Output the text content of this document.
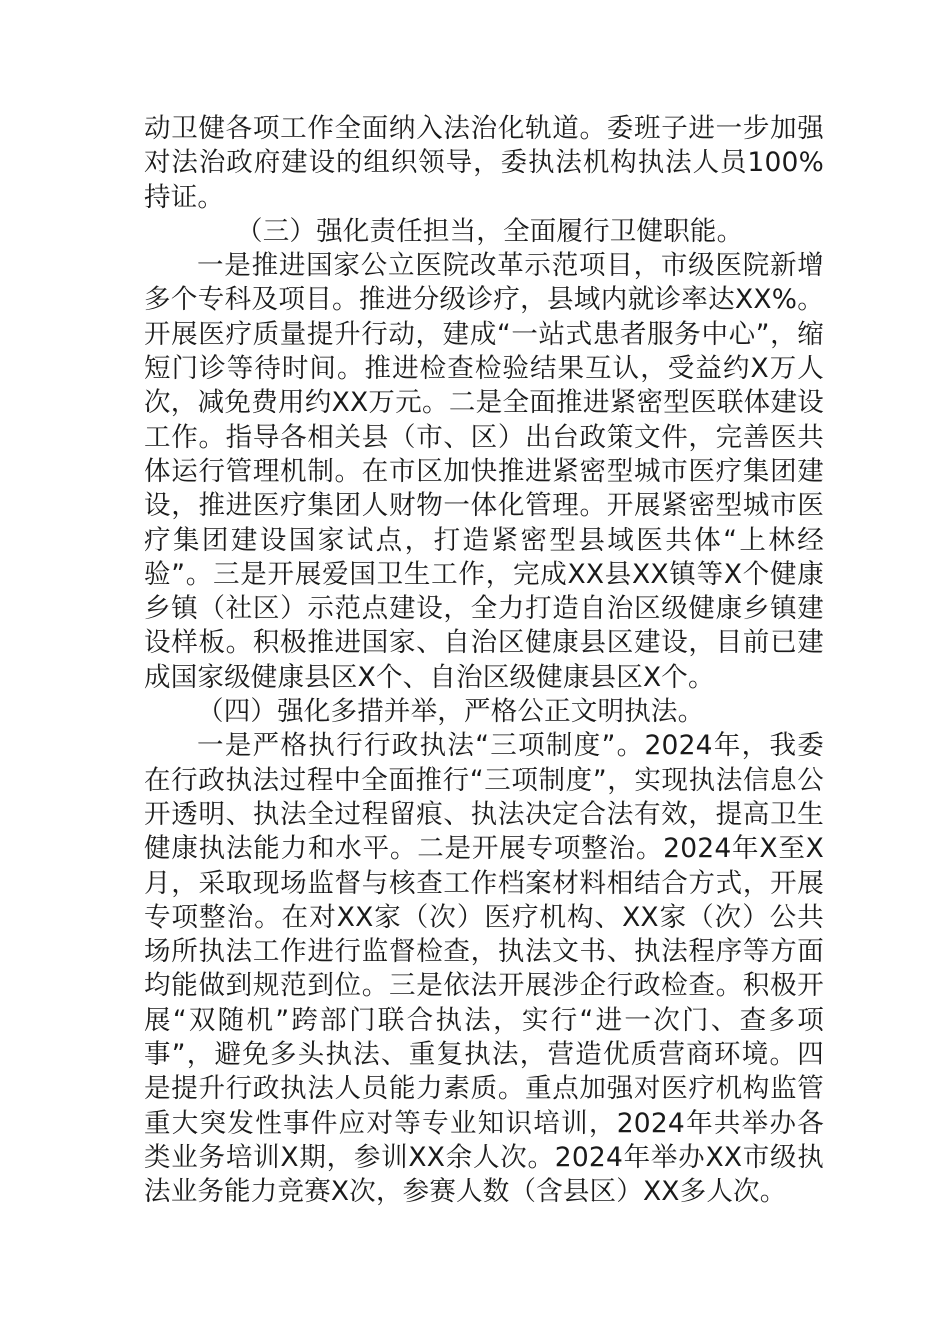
动卫健各项工作全面纳入法治化轨道。委班子进一步加强对法治政府建设的组织领导，委执法机构执法人员100%持证。

（三）强化责任担当，全面履行卫健职能。

一是推进国家公立医院改革示范项目，市级医院新增多个专科及项目。推进分级诊疗，县域内就诊率达XX%。开展医疗质量提升行动，建成“一站式患者服务中心”，缩短门诊等待时间。推进检查检验结果互认，受益约X万人次，减免费用约XX万元。二是全面推进紧密型医联体建设工作。指导各相关县（市、区）出台政策文件，完善医共体运行管理机制。在市区加快推进紧密型城市医疗集团建设，推进医疗集团人财物一体化管理。开展紧密型城市医疗集团建设国家试点，打造紧密型县域医共体“上林经验”。三是开展爱国卫生工作，完成XX县XX镇等X个健康乡镇（社区）示范点建设，全力打造自治区级健康乡镇建设样板。积极推进国家、自治区健康县区建设，目前已建成国家级健康县区X个、自治区级健康县区X个。

（四）强化多措并举，严格公正文明执法。

一是严格执行行政执法“三项制度”。2024年，我委在行政执法过程中全面推行“三项制度”，实现执法信息公开透明、执法全过程留痕、执法决定合法有效，提高卫生健康执法能力和水平。二是开展专项整治。2024年X至X月，采取现场监督与核查工作档案材料相结合方式，开展专项整治。在对XX家（次）医疗机构、XX家（次）公共场所执法工作进行监督检查，执法文书、执法程序等方面均能做到规范到位。三是依法开展涉企行政检查。积极开展“双随机”跨部门联合执法，实行“进一次门、查多项事”，避免多头执法、重复执法，营造优质营商环境。四是提升行政执法人员能力素质。重点加强对医疗机构监管重大突发性事件应对等专业知识培训，2024年共举办各类业务培训X期，参训XX余人次。2024年举办XX市级执法业务能力竞赛X次，参赛人数（含县区）XX多人次。
